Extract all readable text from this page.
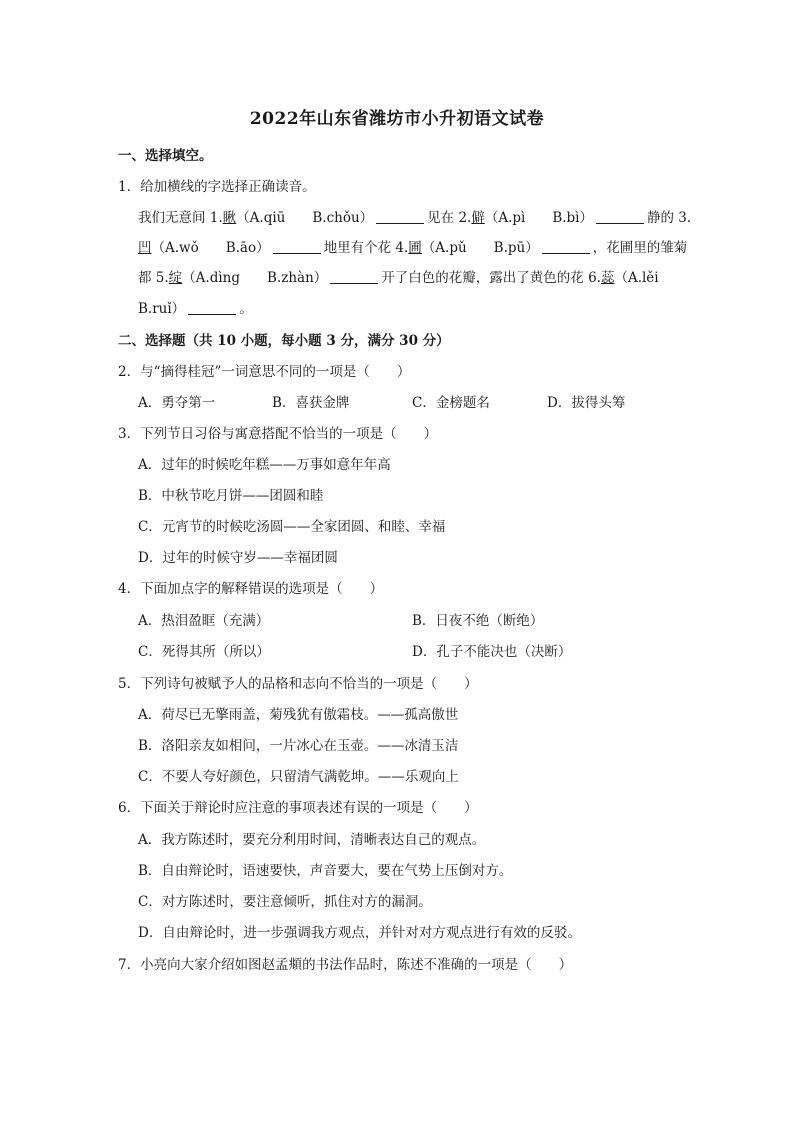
2022年山东省潍坊市小升初语文试卷
一、选择填空。
1．给加横线的字选择正确读音。
我们无意间 1.瞅（A.qiū　　B.chǒu）	见在 2.僻（A.pì　　B.bì）	静的 3.
凹（A.wǒ　　B.āo）	地里有个花 4.圃（A.pǔ　　B.pū）	，花圃里的雏菊
都 5.绽（A.dìng　　B.zhàn）	开了白色的花瓣，露出了黄色的花 6.蕊（A.lěi
B.ruǐ）	。
二、选择题（共 10 小题，每小题 3 分，满分 30 分）
2．与“摘得桂冠”一词意思不同的一项是（　　）
A．勇夺第一	B．喜获金牌	C．金榜题名	D．拔得头筹
3．下列节日习俗与寓意搭配不恰当的一项是（　　）
A．过年的时候吃年糕——万事如意年年高
B．中秋节吃月饼——团圆和睦
C．元宵节的时候吃汤圆——全家团圆、和睦、幸福
D．过年的时候守岁——幸福团圆
4．下面加点字的解释错误的选项是（　　）
A．热泪盈眶（充满）	B．日夜不绝（断绝）
C．死得其所（所以）	D．孔子不能决也（决断）
5．下列诗句被赋予人的品格和志向不恰当的一项是（　　）
A．荷尽已无擎雨盖，菊残犹有傲霜枝。——孤高傲世
B．洛阳亲友如相问，一片冰心在玉壶。——冰清玉洁
C．不要人夸好颜色，只留清气满乾坤。——乐观向上
6．下面关于辩论时应注意的事项表述有误的一项是（　　）
A．我方陈述时，要充分利用时间，清晰表达自己的观点。
B．自由辩论时，语速要快，声音要大，要在气势上压倒对方。
C．对方陈述时，要注意倾听，抓住对方的漏洞。
D．自由辩论时，进一步强调我方观点，并针对对方观点进行有效的反驳。
7．小亮向大家介绍如图赵孟頫的书法作品时，陈述不准确的一项是（　　）
